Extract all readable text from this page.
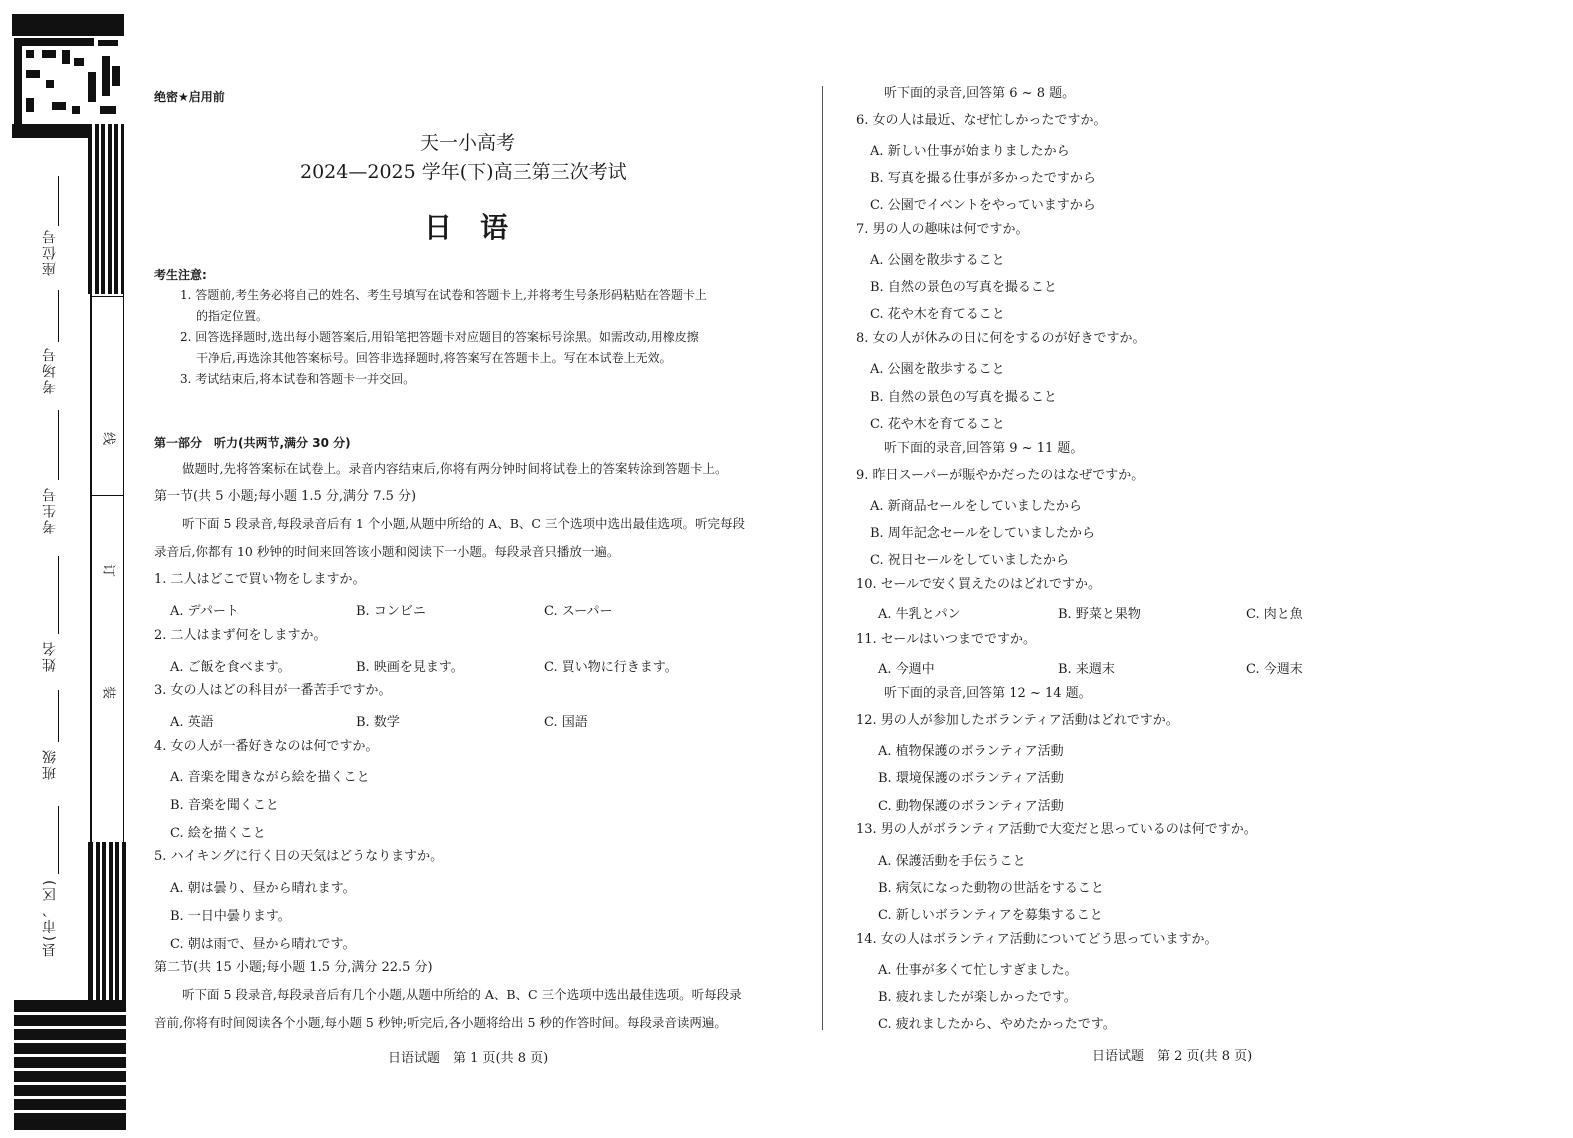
座位号
考场号
考生号
姓名
班级
县(市、区)
线
订
装
绝密★启用前
天一小高考
2024—2025 学年(下)高三第三次考试
日　语
考生注意:
1. 答题前,考生务必将自己的姓名、考生号填写在试卷和答题卡上,并将考生号条形码粘贴在答题卡上
的指定位置。
2. 回答选择题时,选出每小题答案后,用铅笔把答题卡对应题目的答案标号涂黑。如需改动,用橡皮擦
干净后,再选涂其他答案标号。回答非选择题时,将答案写在答题卡上。写在本试卷上无效。
3. 考试结束后,将本试卷和答题卡一并交回。
第一部分　听力(共两节,满分 30 分)
做题时,先将答案标在试卷上。录音内容结束后,你将有两分钟时间将试卷上的答案转涂到答题卡上。
第一节(共 5 小题;每小题 1.5 分,满分 7.5 分)
听下面 5 段录音,每段录音后有 1 个小题,从题中所给的 A、B、C 三个选项中选出最佳选项。听完每段
录音后,你都有 10 秒钟的时间来回答该小题和阅读下一小题。每段录音只播放一遍。
1. 二人はどこで買い物をしますか。
A. デパート	B. コンビニ	C. スーパー
2. 二人はまず何をしますか。
A. ご飯を食べます。	B. 映画を見ます。	C. 買い物に行きます。
3. 女の人はどの科目が一番苦手ですか。
A. 英語	B. 数学	C. 国語
4. 女の人が一番好きなのは何ですか。
A. 音楽を聞きながら絵を描くこと
B. 音楽を聞くこと
C. 絵を描くこと
5. ハイキングに行く日の天気はどうなりますか。
A. 朝は曇り、昼から晴れます。
B. 一日中曇ります。
C. 朝は雨で、昼から晴れです。
第二节(共 15 小题;每小题 1.5 分,满分 22.5 分)
听下面 5 段录音,每段录音后有几个小题,从题中所给的 A、B、C 三个选项中选出最佳选项。听每段录
音前,你将有时间阅读各个小题,每小题 5 秒钟;听完后,各小题将给出 5 秒的作答时间。每段录音读两遍。
日语试题　第 1 页(共 8 页)
听下面的录音,回答第 6 ~ 8 题。
6. 女の人は最近、なぜ忙しかったですか。
A. 新しい仕事が始まりましたから
B. 写真を撮る仕事が多かったですから
C. 公園でイベントをやっていますから
7. 男の人の趣味は何ですか。
A. 公園を散歩すること
B. 自然の景色の写真を撮ること
C. 花や木を育てること
8. 女の人が休みの日に何をするのが好きですか。
A. 公園を散歩すること
B. 自然の景色の写真を撮ること
C. 花や木を育てること
听下面的录音,回答第 9 ~ 11 题。
9. 昨日スーパーが賑やかだったのはなぜですか。
A. 新商品セールをしていましたから
B. 周年記念セールをしていましたから
C. 祝日セールをしていましたから
10. セールで安く買えたのはどれですか。
A. 牛乳とパン	B. 野菜と果物	C. 肉と魚
11. セールはいつまでですか。
A. 今週中	B. 来週末	C. 今週末
听下面的录音,回答第 12 ~ 14 题。
12. 男の人が参加したボランティア活動はどれですか。
A. 植物保護のボランティア活動
B. 環境保護のボランティア活動
C. 動物保護のボランティア活動
13. 男の人がボランティア活動で大変だと思っているのは何ですか。
A. 保護活動を手伝うこと
B. 病気になった動物の世話をすること
C. 新しいボランティアを募集すること
14. 女の人はボランティア活動についてどう思っていますか。
A. 仕事が多くて忙しすぎました。
B. 疲れましたが楽しかったです。
C. 疲れましたから、やめたかったです。
日语试题　第 2 页(共 8 页)
